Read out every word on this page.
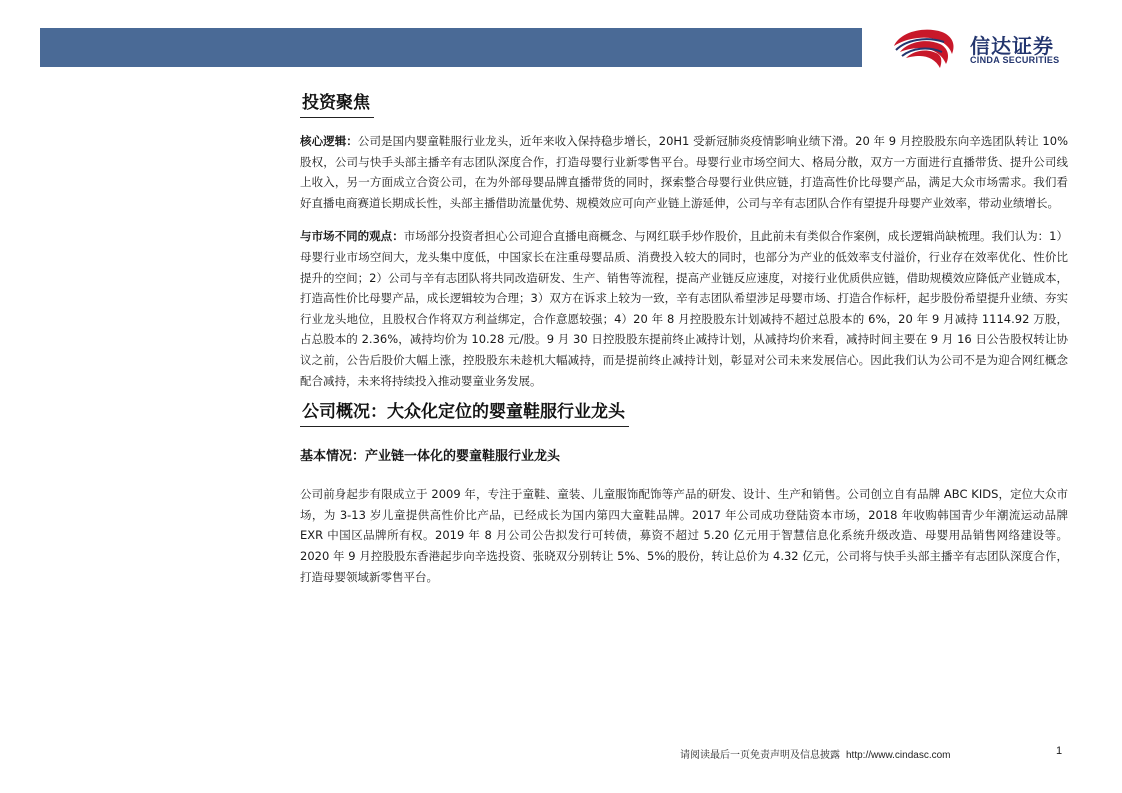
信达证券
CINDA SECURITIES
投资聚焦

核心逻辑：公司是国内婴童鞋服行业龙头，近年来收入保持稳步增长，20H1 受新冠肺炎疫情影响业绩下滑。20 年 9 月控股股东向辛选团队转让 10%股权，公司与快手头部主播辛有志团队深度合作，打造母婴行业新零售平台。母婴行业市场空间大、格局分散，双方一方面进行直播带货、提升公司线上收入，另一方面成立合资公司，在为外部母婴品牌直播带货的同时，探索整合母婴行业供应链，打造高性价比母婴产品，满足大众市场需求。我们看好直播电商赛道长期成长性，头部主播借助流量优势、规模效应可向产业链上游延伸，公司与辛有志团队合作有望提升母婴产业效率，带动业绩增长。

与市场不同的观点：市场部分投资者担心公司迎合直播电商概念、与网红联手炒作股价，且此前未有类似合作案例，成长逻辑尚缺梳理。我们认为：1）母婴行业市场空间大，龙头集中度低，中国家长在注重母婴品质、消费投入较大的同时，也部分为产业的低效率支付溢价，行业存在效率优化、性价比提升的空间；2）公司与辛有志团队将共同改造研发、生产、销售等流程，提高产业链反应速度，对接行业优质供应链，借助规模效应降低产业链成本，打造高性价比母婴产品，成长逻辑较为合理；3）双方在诉求上较为一致，辛有志团队希望涉足母婴市场、打造合作标杆，起步股份希望提升业绩、夯实行业龙头地位，且股权合作将双方利益绑定，合作意愿较强；4）20 年 8 月控股股东计划减持不超过总股本的 6%，20 年 9 月减持 1114.92 万股，占总股本的 2.36%，减持均价为 10.28 元/股。9 月 30 日控股股东提前终止减持计划，从减持均价来看，减持时间主要在 9 月 16 日公告股权转让协议之前，公告后股价大幅上涨，控股股东未趁机大幅减持，而是提前终止减持计划，彰显对公司未来发展信心。因此我们认为公司不是为迎合网红概念配合减持，未来将持续投入推动婴童业务发展。

公司概况：大众化定位的婴童鞋服行业龙头
基本情况：产业链一体化的婴童鞋服行业龙头

公司前身起步有限成立于 2009 年，专注于童鞋、童装、儿童服饰配饰等产品的研发、设计、生产和销售。公司创立自有品牌 ABC KIDS，定位大众市场，为 3-13 岁儿童提供高性价比产品，已经成长为国内第四大童鞋品牌。2017 年公司成功登陆资本市场，2018 年收购韩国青少年潮流运动品牌 EXR 中国区品牌所有权。2019 年 8 月公司公告拟发行可转债，募资不超过 5.20 亿元用于智慧信息化系统升级改造、母婴用品销售网络建设等。2020 年 9 月控股股东香港起步向辛选投资、张晓双分别转让 5%、5%的股份，转让总价为 4.32 亿元，公司将与快手头部主播辛有志团队深度合作，打造母婴领域新零售平台。

请阅读最后一页免责声明及信息披露 http://www.cindasc.com	1
